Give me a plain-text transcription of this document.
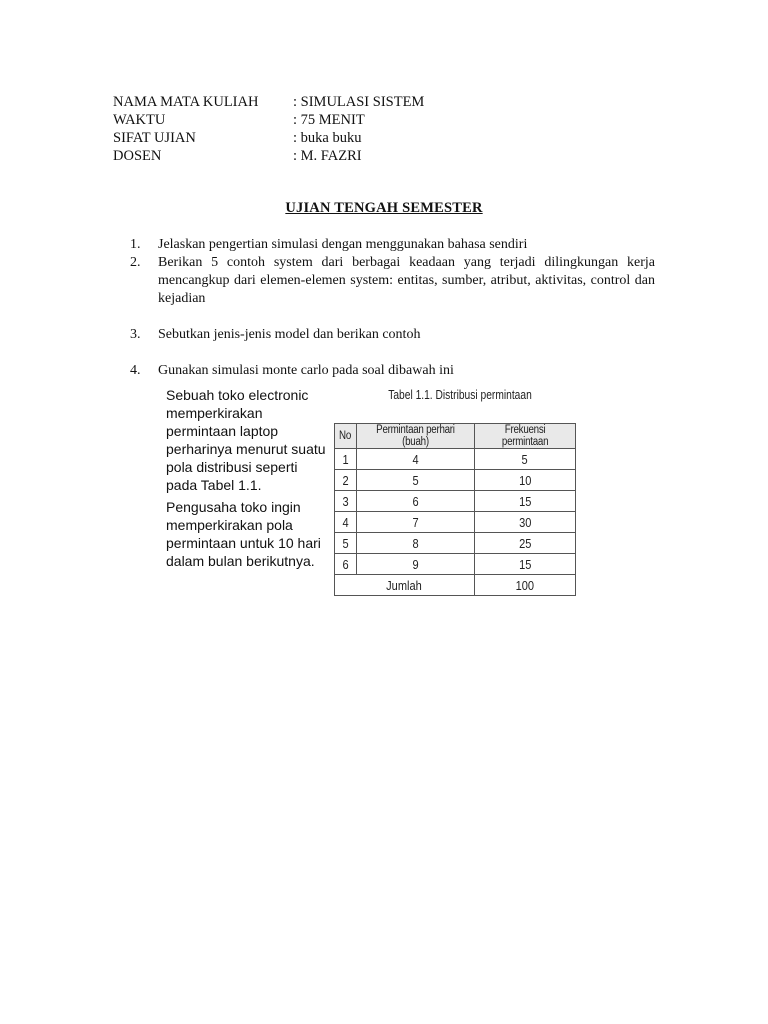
NAMA MATA KULIAH	: SIMULASI SISTEM
WAKTU	: 75 MENIT
SIFAT UJIAN	: buka buku
DOSEN	: M. FAZRI
UJIAN TENGAH SEMESTER
1.	Jelaskan pengertian simulasi dengan menggunakan bahasa sendiri
2.	Berikan 5 contoh system dari berbagai keadaan yang terjadi dilingkungan kerja mencangkup dari elemen-elemen system: entitas, sumber, atribut, aktivitas, control dan kejadian
3.	Sebutkan jenis-jenis model dan berikan contoh
4.	Gunakan simulasi monte carlo pada soal dibawah ini

Sebuah toko electronic memperkirakan permintaan laptop perharinya menurut suatu pola distribusi seperti pada Tabel 1.1.

Pengusaha toko ingin memperkirakan pola permintaan untuk 10 hari dalam bulan berikutnya.

Tabel 1.1. Distribusi permintaan
No	Permintaan perhari (buah)	Frekuensi permintaan
1	4	5
2	5	10
3	6	15
4	7	30
5	8	25
6	9	15
Jumlah		100
